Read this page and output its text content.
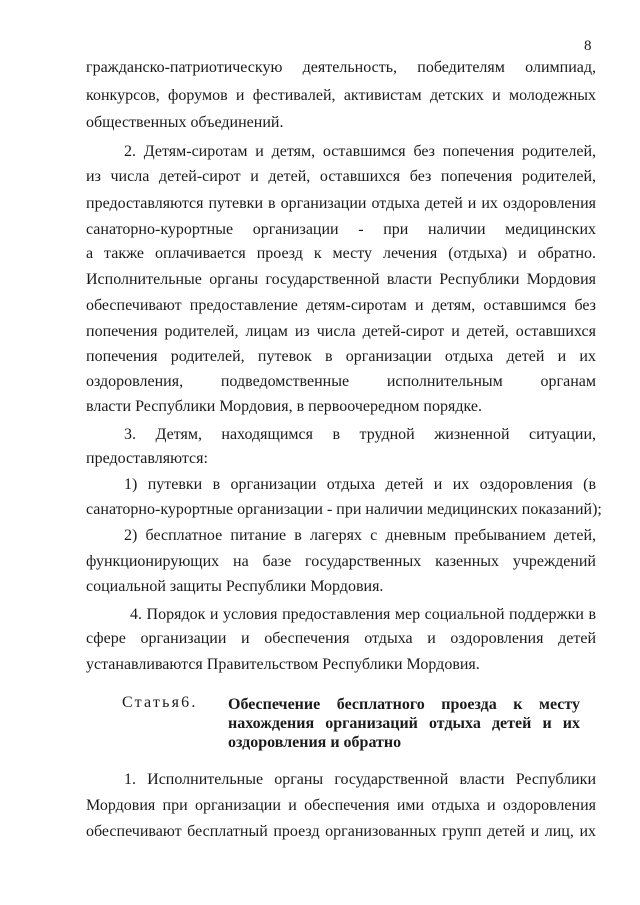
8
гражданско-патриотическую деятельность, победителям олимпиад,
конкурсов, форумов и фестивалей, активистам детских и молодежных
общественных объединений.
2. Детям-сиротам и детям, оставшимся без попечения родителей,
из числа детей-сирот и детей, оставшихся без попечения родителей,
предоставляются путевки в организации отдыха детей и их оздоровления
санаторно-курортные организации - при наличии медицинских
а также оплачивается проезд к месту лечения (отдыха) и обратно.
Исполнительные органы государственной власти Республики Мордовия
обеспечивают предоставление детям-сиротам и детям, оставшимся без
попечения родителей, лицам из числа детей-сирот и детей, оставшихся
попечения родителей, путевок в организации отдыха детей и их
оздоровления, подведомственные исполнительным органам
власти Республики Мордовия, в первоочередном порядке.
3. Детям, находящимся в трудной жизненной ситуации,
предоставляются:
1) путевки в организации отдыха детей и их оздоровления (в
санаторно-курортные организации - при наличии медицинских показаний);
2) бесплатное питание в лагерях с дневным пребыванием детей,
функционирующих на базе государственных казенных учреждений
социальной защиты Республики Мордовия.
4. Порядок и условия предоставления мер социальной поддержки в
сфере организации и обеспечения отдыха и оздоровления детей
устанавливаются Правительством Республики Мордовия.
Статья6. Обеспечение бесплатного проезда к месту
нахождения организаций отдыха детей и их
оздоровления и обратно
1. Исполнительные органы государственной власти Республики
Мордовия при организации и обеспечения ими отдыха и оздоровления
обеспечивают бесплатный проезд организованных групп детей и лиц, их
